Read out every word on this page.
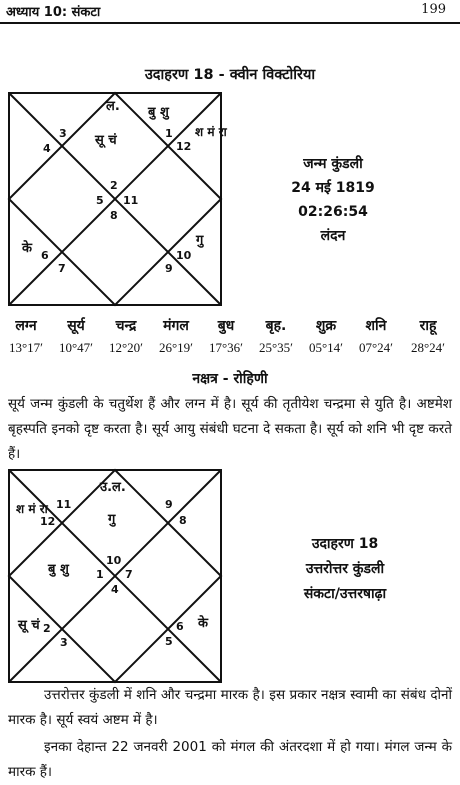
अध्याय 10: संकटा	199
उदाहरण 18 - क्वीन विक्टोरिया
3
4
1
12
2
5 11
8
6
7
10
9
ल.
सू चं
बु शु
श मं रा
के
गु
जन्म कुंडली
24 मई 1819
02:26:54
लंदन
लग्न
13°17′
सूर्य
10°47′
चन्द्र
12°20′
मंगल
26°19′
बुध
17°36′
बृह.
25°35′
शुक्र
05°14′
शनि
07°24′
राहू
28°24′
नक्षत्र - रोहिणी
सूर्य जन्म कुंडली के चतुर्थेश हैं और लग्न में है। सूर्य की तृतीयेश चन्द्रमा से युति है। अष्टमेश बृहस्पति इनको दृष्ट करता है। सूर्य आयु संबंधी घटना दे सकता है। सूर्य को शनि भी दृष्ट करते हैं।
11
12
9
8
10
1 7
4
2
3
6
5
श मं रा
उ.ल.
गु
बु शु
सू चं	के
उदाहरण 18
उत्तरोत्तर कुंडली
संकटा/उत्तरषाढ़ा
उत्तरोत्तर कुंडली में शनि और चन्द्रमा मारक है। इस प्रकार नक्षत्र स्वामी का संबंध दोनों मारक है। सूर्य स्वयं अष्टम में है।
इनका देहान्त 22 जनवरी 2001 को मंगल की अंतरदशा में हो गया। मंगल जन्म के मारक हैं।
